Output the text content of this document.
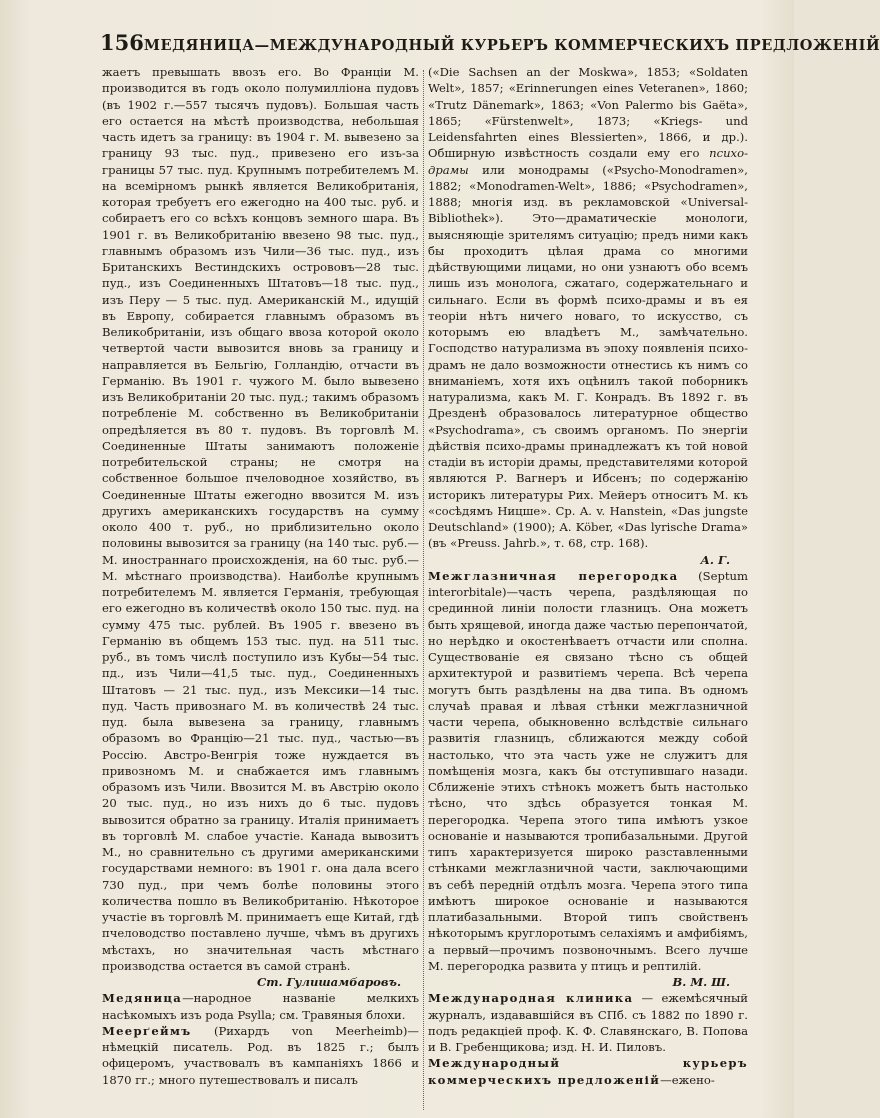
156 МЕДЯНИЦА—МЕЖДУНАРОДНЫЙ КУРЬЕРЪ КОММЕРЧЕСКИХЪ ПРЕДЛОЖЕНІЙ

жаетъ превышать ввозъ его. Во Франціи М. производится въ годъ около полумилліона пудовъ (въ 1902 г.—557 тысячъ пудовъ). Большая часть его остается на мѣстѣ производства, небольшая часть идетъ за границу: въ 1904 г. М. вывезено за границу 93 тыс. пуд., привезено его изъ-за границы 57 тыс. пуд. Крупнымъ потребителемъ М. на всемірномъ рынкѣ является Великобританія, которая требуетъ его ежегодно на 400 тыс. руб. и собираетъ его со всѣхъ концовъ земного шара. Въ 1901 г. въ Великобританію ввезено 98 тыс. пуд., главнымъ образомъ изъ Чили—36 тыс. пуд., изъ Британскихъ Вестиндскихъ острововъ—28 тыс. пуд., изъ Соединенныхъ Штатовъ—18 тыс. пуд., изъ Перу — 5 тыс. пуд. Американскій М., идущій въ Европу, собирается главнымъ образомъ въ Великобританіи, изъ общаго ввоза которой около четвертой части вывозится вновь за границу и направляется въ Бельгію, Голландію, отчасти въ Германію. Въ 1901 г. чужого М. было вывезено изъ Великобританіи 20 тыс. пуд.; такимъ образомъ потребленіе М. собственно въ Великобританіи опредѣляется въ 80 т. пудовъ. Въ торговлѣ М. Соединенные Штаты занимаютъ положеніе потребительской страны; не смотря на собственное большое пчеловодное хозяйство, въ Соединенные Штаты ежегодно ввозится М. изъ другихъ американскихъ государствъ на сумму около 400 т. руб., но приблизительно около половины вывозится за границу (на 140 тыс. руб.—М. иностраннаго происхожденія, на 60 тыс. руб.—М. мѣстнаго производства). Наиболѣе крупнымъ потребителемъ М. является Германія, требующая его ежегодно въ количествѣ около 150 тыс. пуд. на сумму 475 тыс. рублей. Въ 1905 г. ввезено въ Германію въ общемъ 153 тыс. пуд. на 511 тыс. руб., въ томъ числѣ поступило изъ Кубы—54 тыс. пд., изъ Чили—41,5 тыс. пуд., Соединенныхъ Штатовъ — 21 тыс. пуд., изъ Мексики—14 тыс. пуд. Часть привознаго М. въ количествѣ 24 тыс. пуд. была вывезена за границу, главнымъ образомъ во Францію—21 тыс. пуд., частью—въ Россію. Австро-Венгрія тоже нуждается въ привозномъ М. и снабжается имъ главнымъ образомъ изъ Чили. Ввозится М. въ Австрію около 20 тыс. пуд., но изъ нихъ до 6 тыс. пудовъ вывозится обратно за границу. Италія принимаетъ въ торговлѣ М. слабое участіе. Канада вывозитъ М., но сравнительно съ другими американскими государствами немного: въ 1901 г. она дала всего 730 пуд., при чемъ болѣе половины этого количества пошло въ Великобританію. Нѣкоторое участіе въ торговлѣ М. принимаетъ еще Китай, гдѣ пчеловодство поставлено лучше, чѣмъ въ другихъ мѣстахъ, но значительная часть мѣстнаго производства остается въ самой странѣ.

Ст. Гулишамбаровъ.

Медяница—народное названіе мелкихъ насѣкомыхъ изъ рода Psylla; см. Травяныя блохи.

Меерґеймъ (Рихардъ von Meerheimb)—нѣмецкій писатель. Род. въ 1825 г.; былъ офицеромъ, участвовалъ въ кампаніяхъ 1866 и 1870 гг.; много путешествовалъ и писалъ

(«Die Sachsen an der Moskwa», 1853; «Soldaten Welt», 1857; «Erinnerungen eines Veteranen», 1860; «Trutz Dänemark», 1863; «Von Palermo bis Gaëta», 1865; «Fürstenwelt», 1873; «Kriegs- und Leidensfahrten eines Blessierten», 1866, и др.). Обширную извѣстность создали ему его психо-драмы или монодрамы («Psycho-Monodramen», 1882; «Monodramen-Welt», 1886; «Psychodramen», 1888; многія изд. въ рекламовской «Universal-Bibliothek»). Это—драматическіе монологи, выясняющіе зрителямъ ситуацію; предъ ними какъ бы проходитъ цѣлая драма со многими дѣйствующими лицами, но они узнаютъ обо всемъ лишь изъ монолога, сжатаго, содержательнаго и сильнаго. Если въ формѣ психо-драмы и въ ея теоріи нѣтъ ничего новаго, то искусство, съ которымъ ею владѣетъ М., замѣчательно. Господство натурализма въ эпоху появленія психо-драмъ не дало возможности отнестись къ нимъ со вниманіемъ, хотя ихъ оцѣнилъ такой поборникъ натурализма, какъ М. Г. Конрадъ. Въ 1892 г. въ Дрезденѣ образовалось литературное общество «Psychodrama», съ своимъ органомъ. По энергіи дѣйствія психо-драмы принадлежатъ къ той новой стадіи въ исторіи драмы, представителями которой являются Р. Вагнеръ и Ибсенъ; по содержанію историкъ литературы Рих. Мейеръ относитъ М. къ «сосѣдямъ Ницше». Ср. A. v. Hanstein, «Das jungste Deutschland» (1900); A. Köber, «Das lyrische Drama» (въ «Preuss. Jahrb.», т. 68, стр. 168).

А. Г.

Межглазничная перегородка (Septum interorbitale)—часть черепа, раздѣляющая по срединной линіи полости глазницъ. Она можетъ быть хрящевой, иногда даже частью перепончатой, но нерѣдко и окостенѣваетъ отчасти или сполна. Существованіе ея связано тѣсно съ общей архитектурой и развитіемъ черепа. Всѣ черепа могутъ быть раздѣлены на два типа. Въ одномъ случаѣ правая и лѣвая стѣнки межглазничной части черепа, обыкновенно вслѣдствіе сильнаго развитія глазницъ, сближаются между собой настолько, что эта часть уже не служитъ для помѣщенія мозга, какъ бы отступившаго назади. Сближеніе этихъ стѣнокъ можетъ быть настолько тѣсно, что здѣсь образуется тонкая М. перегородка. Черепа этого типа имѣютъ узкое основаніе и называются тропибазальными. Другой типъ характеризуется широко разставленными стѣнками межглазничной части, заключающими въ себѣ передній отдѣлъ мозга. Черепа этого типа имѣютъ широкое основаніе и называются платибазальными. Второй типъ свойственъ нѣкоторымъ круглоротымъ селахіямъ и амфибіямъ, а первый—прочимъ позвоночнымъ. Всего лучше М. перегородка развита у птицъ и рептилій.

В. М. Ш.

Международная клиника — ежемѣсячный журналъ, издававшійся въ СПб. съ 1882 по 1890 г. подъ редакціей проф. К. Ф. Славянскаго, В. Попова и В. Гребенщикова; изд. Н. И. Пиловъ.

Международный курьеръ коммерческихъ предложеній—ежено-
